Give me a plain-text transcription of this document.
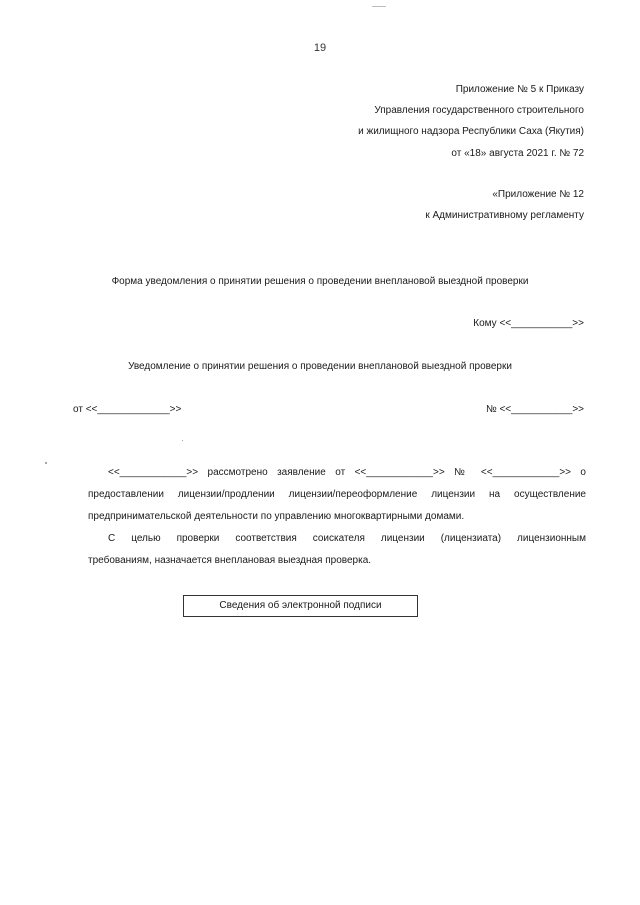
19
Приложение № 5 к Приказу
Управления государственного строительного
и жилищного надзора Республики Саха (Якутия)
от «18» августа 2021 г. № 72
«Приложение № 12
к Административному регламенту
Форма уведомления о принятии решения о проведении внеплановой выездной проверки
Кому <<___________>>
Уведомление о принятии решения о проведении внеплановой выездной проверки
от <<_____________>>	№ <<___________>>
<<____________>> рассмотрено заявление от <<____________>> № <<____________>> о
предоставлении лицензии/продлении лицензии/переоформление лицензии на осуществление
предпринимательской деятельности по управлению многоквартирными домами.
С целью проверки соответствия соискателя лицензии (лицензиата) лицензионным
требованиям, назначается внеплановая выездная проверка.
Сведения об электронной подписи
